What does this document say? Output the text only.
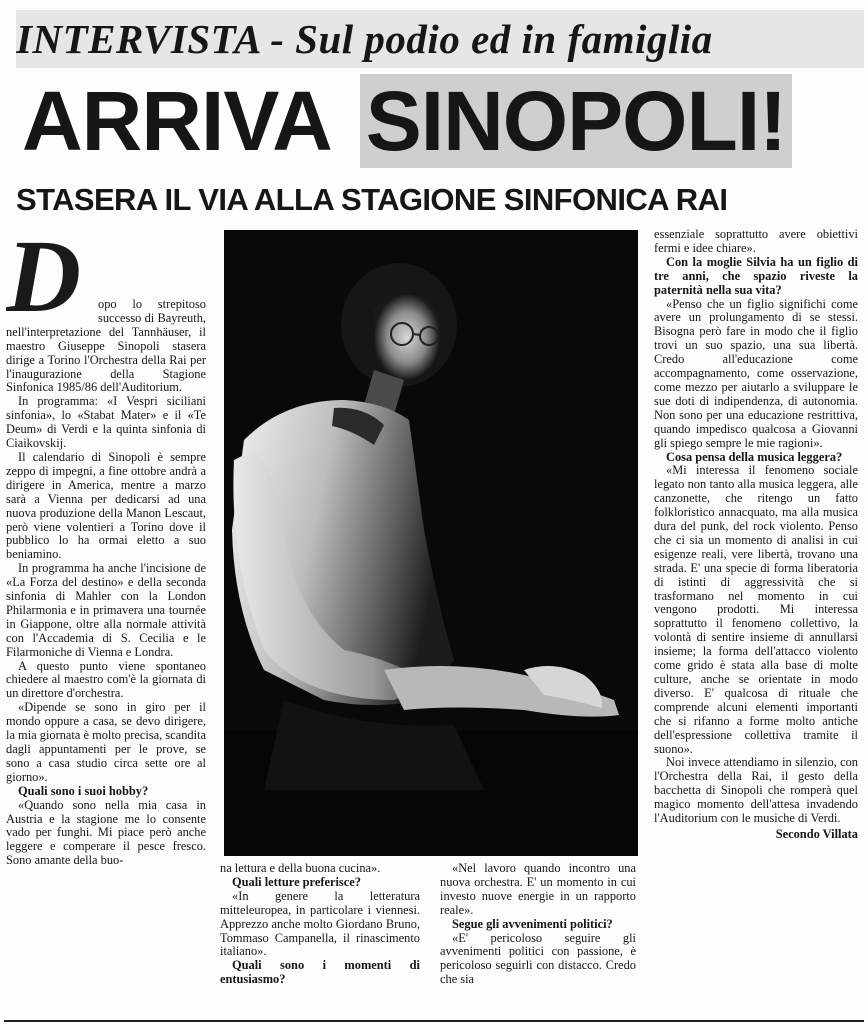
INTERVISTA - Sul podio ed in famiglia
ARRIVA SINOPOLI!
STASERA IL VIA ALLA STAGIONE SINFONICA RAI
D	opo lo strepitoso successo di Bayreuth, nell'interpretazione del Tannhäuser, il maestro Giuseppe Sinopoli stasera dirige a Torino l'Orchestra della Rai per l'inaugurazione della Stagione Sinfonica 1985/86 dell'Auditorium.

In programma: «I Vespri siciliani sinfonia», lo «Stabat Mater» e il «Te Deum» di Verdi e la quinta sinfonia di Ciaikovskij.

Il calendario di Sinopoli è sempre zeppo di impegni, a fine ottobre andrà a dirigere in America, mentre a marzo sarà a Vienna per dedicarsi ad una nuova produzione della Manon Lescaut, però viene volentieri a Torino dove il pubblico lo ha ormai eletto a suo beniamino.

In programma ha anche l'incisione de «La Forza del destino» e della seconda sinfonia di Mahler con la London Philarmonia e in primavera una tournée in Giappone, oltre alla normale attività con l'Accademia di S. Cecilia e le Filarmoniche di Vienna e Londra.

A questo punto viene spontaneo chiedere al maestro com'è la giornata di un direttore d'orchestra.

«Dipende se sono in giro per il mondo oppure a casa, se devo dirigere, la mia giornata è molto precisa, scandita dagli appuntamenti per le prove, se sono a casa studio circa sette ore al giorno».

Quali sono i suoi hobby?

«Quando sono nella mia casa in Austria e la stagione me lo consente vado per funghi. Mi piace però anche leggere e comperare il pesce fresco. Sono amante della buo-

na lettura e della buona cucina».

Quali letture preferisce?

«In genere la letteratura mitteleuropea, in particolare i viennesi. Apprezzo anche molto Giordano Bruno, Tommaso Campanella, il rinascimento italiano».

Quali sono i momenti di entusiasmo?

«Nel lavoro quando incontro una nuova orchestra. E' un momento in cui investo nuove energie in un rapporto reale».

Segue gli avvenimenti politici?

«E' pericoloso seguire gli avvenimenti politici con passione, è pericoloso seguirli con distacco. Credo che sia

essenziale soprattutto avere obiettivi fermi e idee chiare».

Con la moglie Silvia ha un figlio di tre anni, che spazio riveste la paternità nella sua vita?

«Penso che un figlio significhi come avere un prolungamento di se stessi. Bisogna però fare in modo che il figlio trovi un suo spazio, una sua libertà. Credo all'educazione come accompagnamento, come osservazione, come mezzo per aiutarlo a sviluppare le sue doti di indipendenza, di autonomia. Non sono per una educazione restrittiva, quando impedisco qualcosa a Giovanni gli spiego sempre le mie ragioni».

Cosa pensa della musica leggera?

«Mi interessa il fenomeno sociale legato non tanto alla musica leggera, alle canzonette, che ritengo un fatto folkloristico annacquato, ma alla musica dura del punk, del rock violento. Penso che ci sia un momento di analisi in cui esigenze reali, vere libertà, trovano una strada. E' una specie di forma liberatoria di istinti di aggressività che si trasformano nel momento in cui vengono prodotti. Mi interessa soprattutto il fenomeno collettivo, la volontà di sentire insieme di annullarsi insieme; la forma dell'attacco violento come grido è stata alla base di molte culture, anche se orientate in modo diverso. E' qualcosa di rituale che comprende alcuni elementi importanti che si rifanno a forme molto antiche dell'espressione collettiva tramite il suono».

Noi invece attendiamo in silenzio, con l'Orchestra della Rai, il gesto della bacchetta di Sinopoli che romperà quel magico momento dell'attesa invadendo l'Auditorium con le musiche di Verdi.

Secondo Villata
